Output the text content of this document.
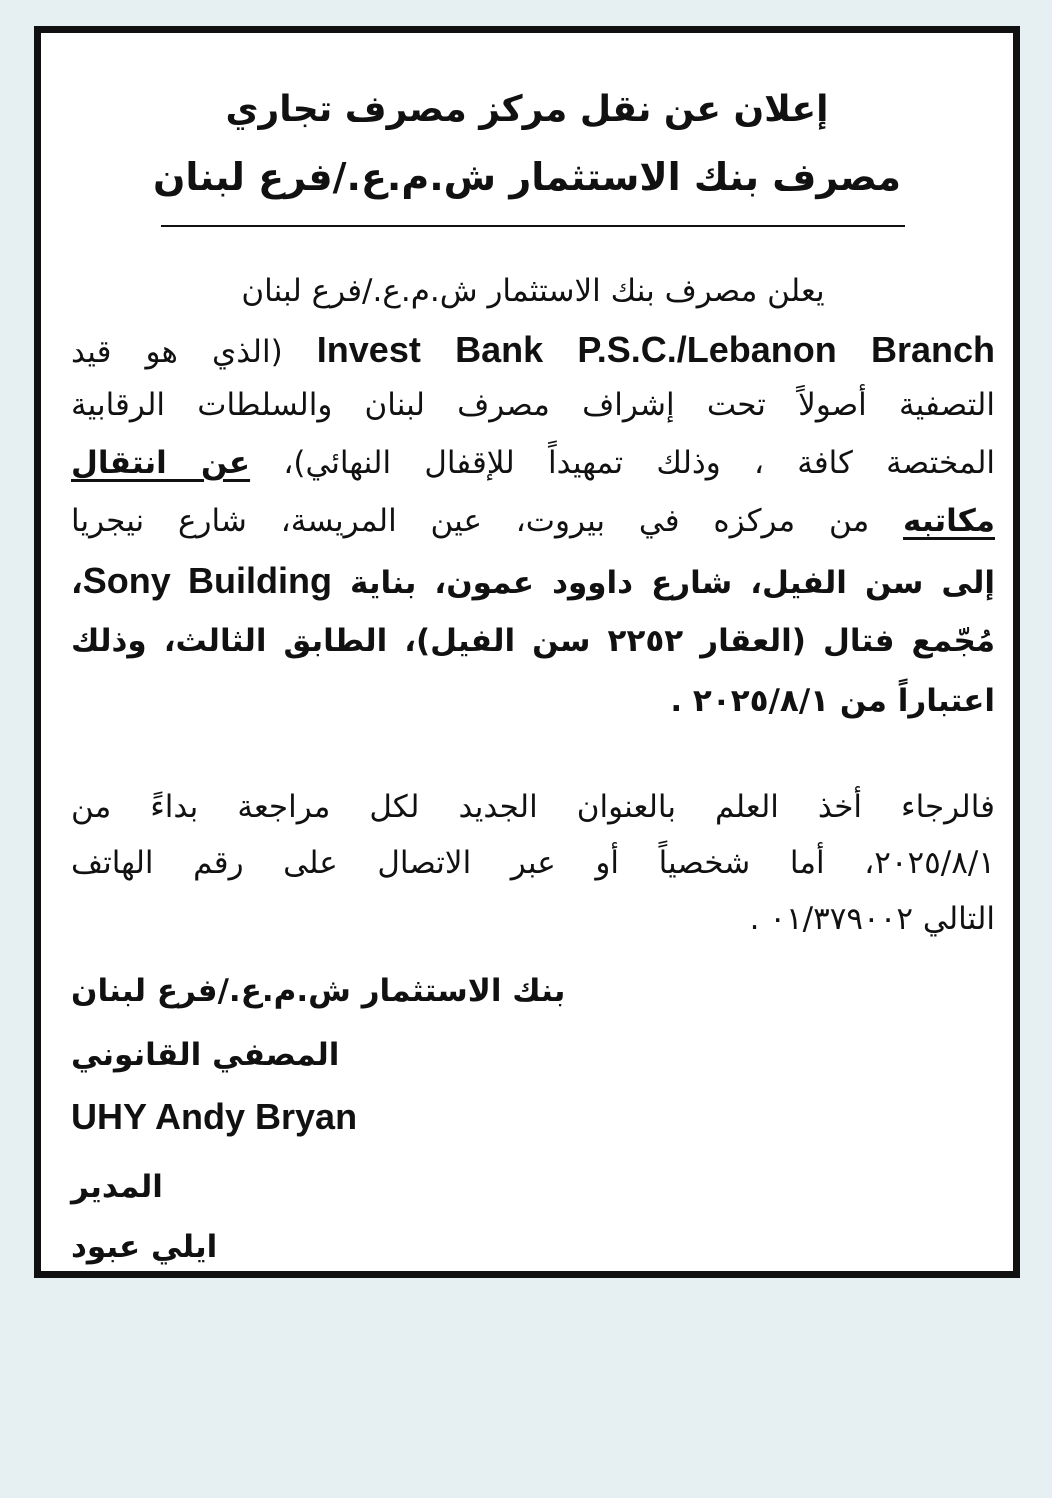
إعلان عن نقل مركز مصرف تجاري
مصرف بنك الاستثمار ش.م.ع./فرع لبنان
يعلن مصرف بنك الاستثمار ش.م.ع./فرع لبنان
Invest Bank P.S.C./Lebanon Branch (الذي هو قيد
التصفية أصولاً تحت إشراف مصرف لبنان والسلطات الرقابية
المختصة كافة ، وذلك تمهيداً للإقفال النهائي)، عن انتقال
مكاتبه من مركزه في بيروت، عين المريسة، شارع نيجريا
إلى سن الفيل، شارع داوود عمون، بناية Sony Building،
مُجّمع فتال (العقار ٢٢٥٢ سن الفيل)، الطابق الثالث، وذلك
اعتباراً من ٢٠٢٥/٨/١ .
فالرجاء أخذ العلم بالعنوان الجديد لكل مراجعة بداءً من
٢٠٢٥/٨/١، أما شخصياً أو عبر الاتصال على رقم الهاتف
التالي ٠١/٣٧٩٠٠٢ .
بنك الاستثمار ش.م.ع./فرع لبنان
المصفي القانوني
UHY Andy Bryan
المدير
ايلي عبود
